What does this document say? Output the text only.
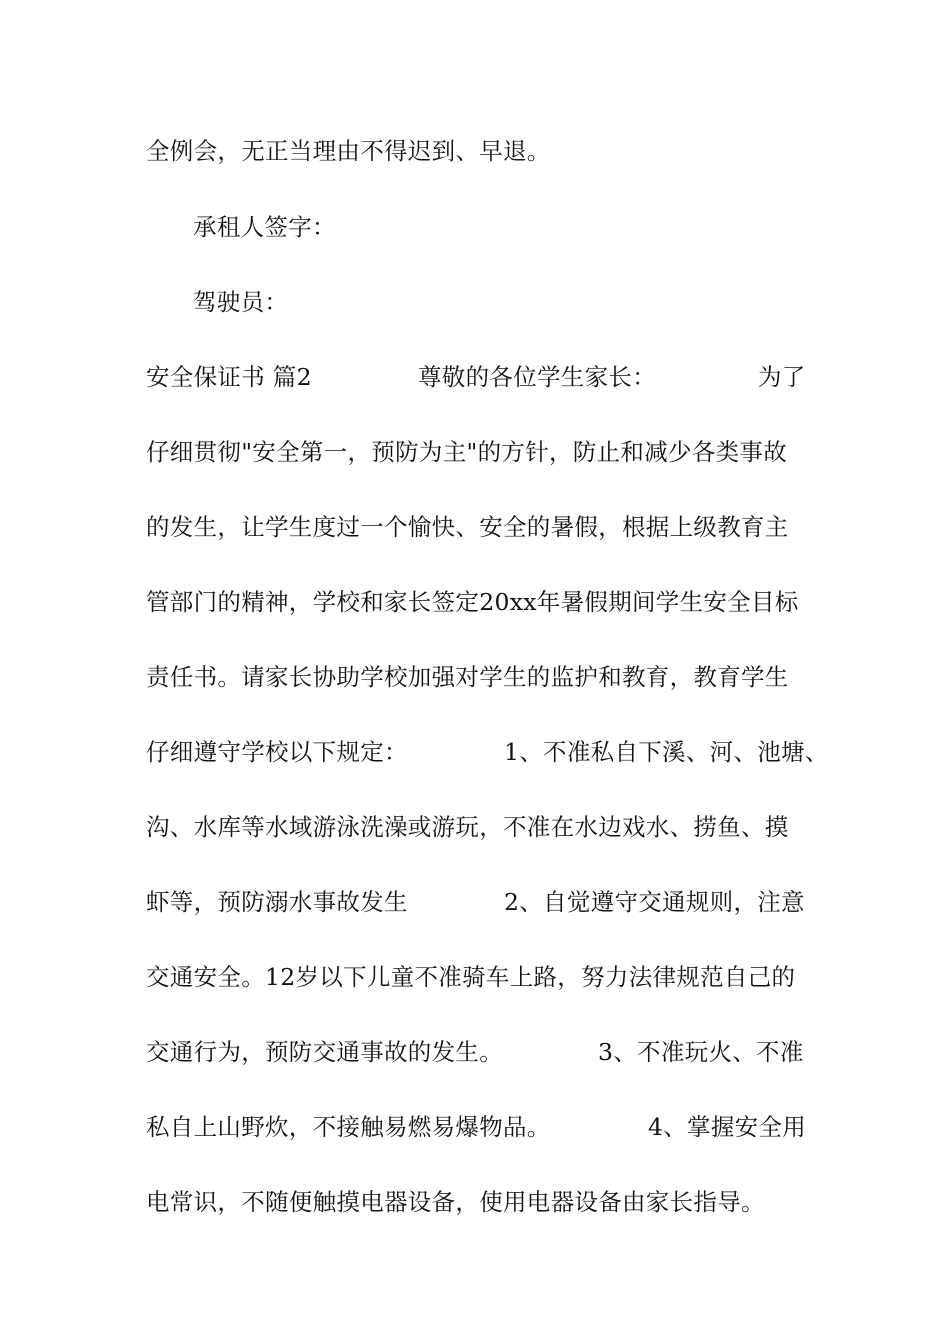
全例会，无正当理由不得迟到、早退。
承租人签字：
驾驶员：

安全保证书 篇2

	尊敬的各位学生家长：

	为了

仔细贯彻"安全第一，预防为主"的方针，防止和减少各类事故
的发生，让学生度过一个愉快、安全的暑假，根据上级教育主
管部门的精神，学校和家长签定20xx年暑假期间学生安全目标
责任书。请家长协助学校加强对学生的监护和教育，教育学生

仔细遵守学校以下规定：

	1、不准私自下溪、河、池塘、

沟、水库等水域游泳洗澡或游玩，不准在水边戏水、捞鱼、摸

虾等，预防溺水事故发生

	2、自觉遵守交通规则，注意

交通安全。12岁以下儿童不准骑车上路，努力法律规范自己的

交通行为，预防交通事故的发生。

	3、不准玩火、不准

私自上山野炊，不接触易燃易爆物品。

	4、掌握安全用

电常识，不随便触摸电器设备，使用电器设备由家长指导。
